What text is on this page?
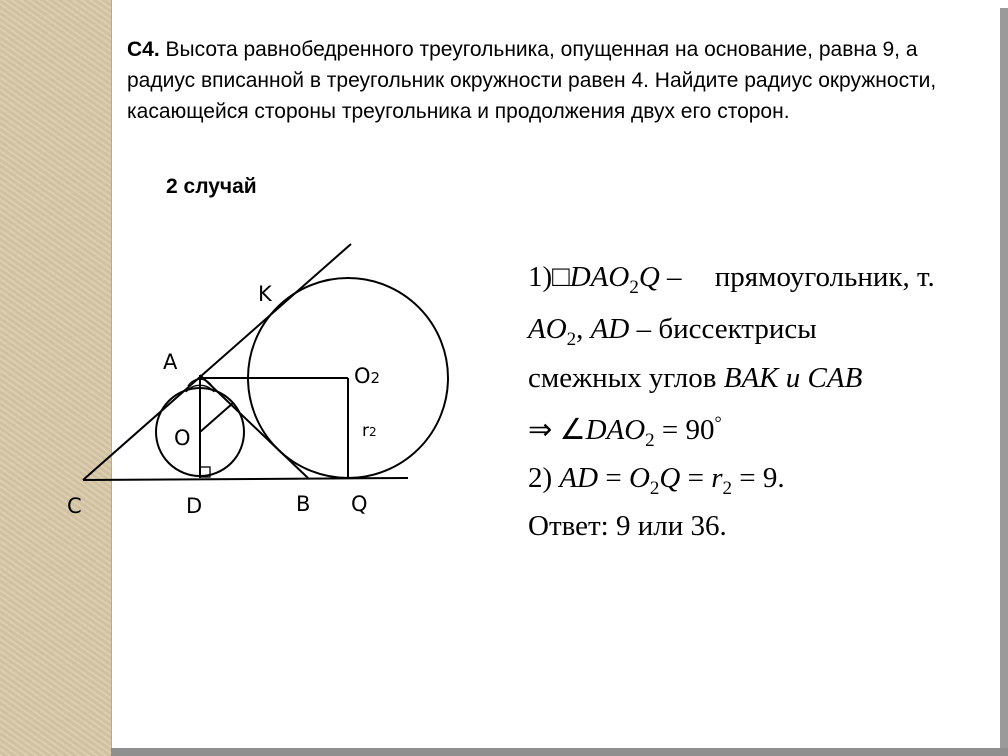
С4. Высота равнобедренного треугольника, опущенная на основание, равна 9, а радиус вписанной в треугольник окружности равен 4. Найдите радиус окружности, касающейся стороны треугольника и продолжения двух его сторон.
2 случай
K
A
O2
r2
O
C	D	B Q
$1)□DAO_2Q$ – прямоугольник, т.
$AO_2$, AD – биссектрисы
смежных углов BAK и CAB
⇒ $\angle DAO_2 = 90^\circ$
2) AD = $O_2Q = r_2 = 9$.
Ответ: 9 или 36.
